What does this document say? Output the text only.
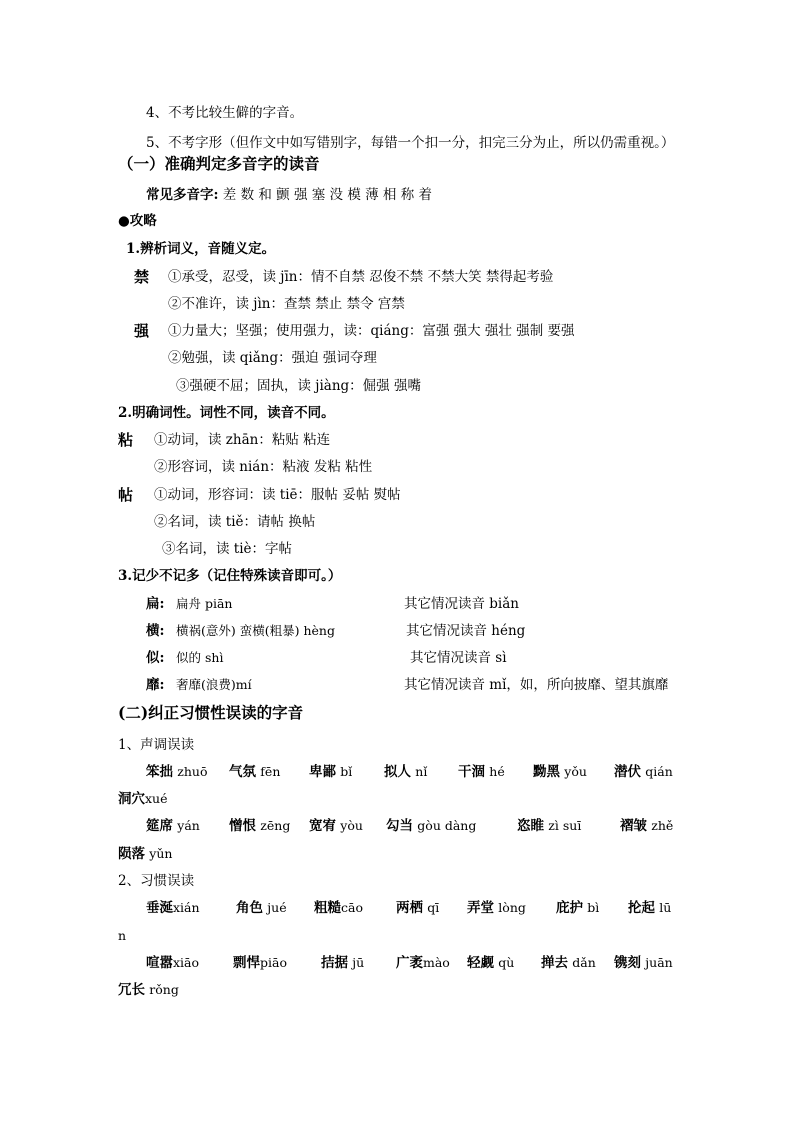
4、不考比较生僻的字音。
5、不考字形（但作文中如写错别字，每错一个扣一分，扣完三分为止，所以仍需重视。）
（一）准确判定多音字的读音
常见多音字: 差 数 和 颤 强 塞 没 模 薄 相 称 着
●攻略
1.辨析词义，音随义定。
禁 ①承受，忍受，读 jīn：情不自禁 忍俊不禁 不禁大笑 禁得起考验
②不准许，读 jìn：查禁 禁止 禁令 宫禁
强 ①力量大；坚强；使用强力，读：qiáng：富强 强大 强壮 强制 要强
②勉强，读 qiǎng：强迫 强词夺理
③强硬不屈；固执，读 jiàng：倔强 强嘴
2.明确词性。词性不同，读音不同。
粘 ①动词，读 zhān：粘贴 粘连
②形容词，读 nián：粘液 发粘 粘性
帖 ①动词，形容词：读 tiē：服帖 妥帖 熨帖
②名词，读 tiě：请帖 换帖
③名词，读 tiè：字帖
3.记少不记多（记住特殊读音即可。）
扁: 扁舟 piān	其它情况读音 biǎn
横: 横祸(意外) 蛮横(粗暴) hèng	其它情况读音 héng
似: 似的 shì	其它情况读音 sì
靡: 奢靡(浪费)mí	其它情况读音 mǐ，如，所向披靡、望其旗靡
(二)纠正习惯性误读的字音
1、声调误读
笨拙 zhuō 气氛 fēn 卑鄙 bǐ 拟人 nǐ 干涸 hé 黝黑 yǒu 潜伏 qián
洞穴xué
筵席 yán 憎恨 zēng 宽宥 yòu 勾当 gòu dàng	恣睢 zì suī	褶皱 zhě
陨落 yǔn
2、习惯误读
垂涎xián	角色 jué 粗糙cāo 两栖 qī 弄堂 lòng 庇护 bì 抡起 lū
n
喧嚣xiāo	剽悍piāo	拮据 jū 广袤mào 轻觑 qù 掸去 dǎn 镌刻 juān
冗长 rǒng
